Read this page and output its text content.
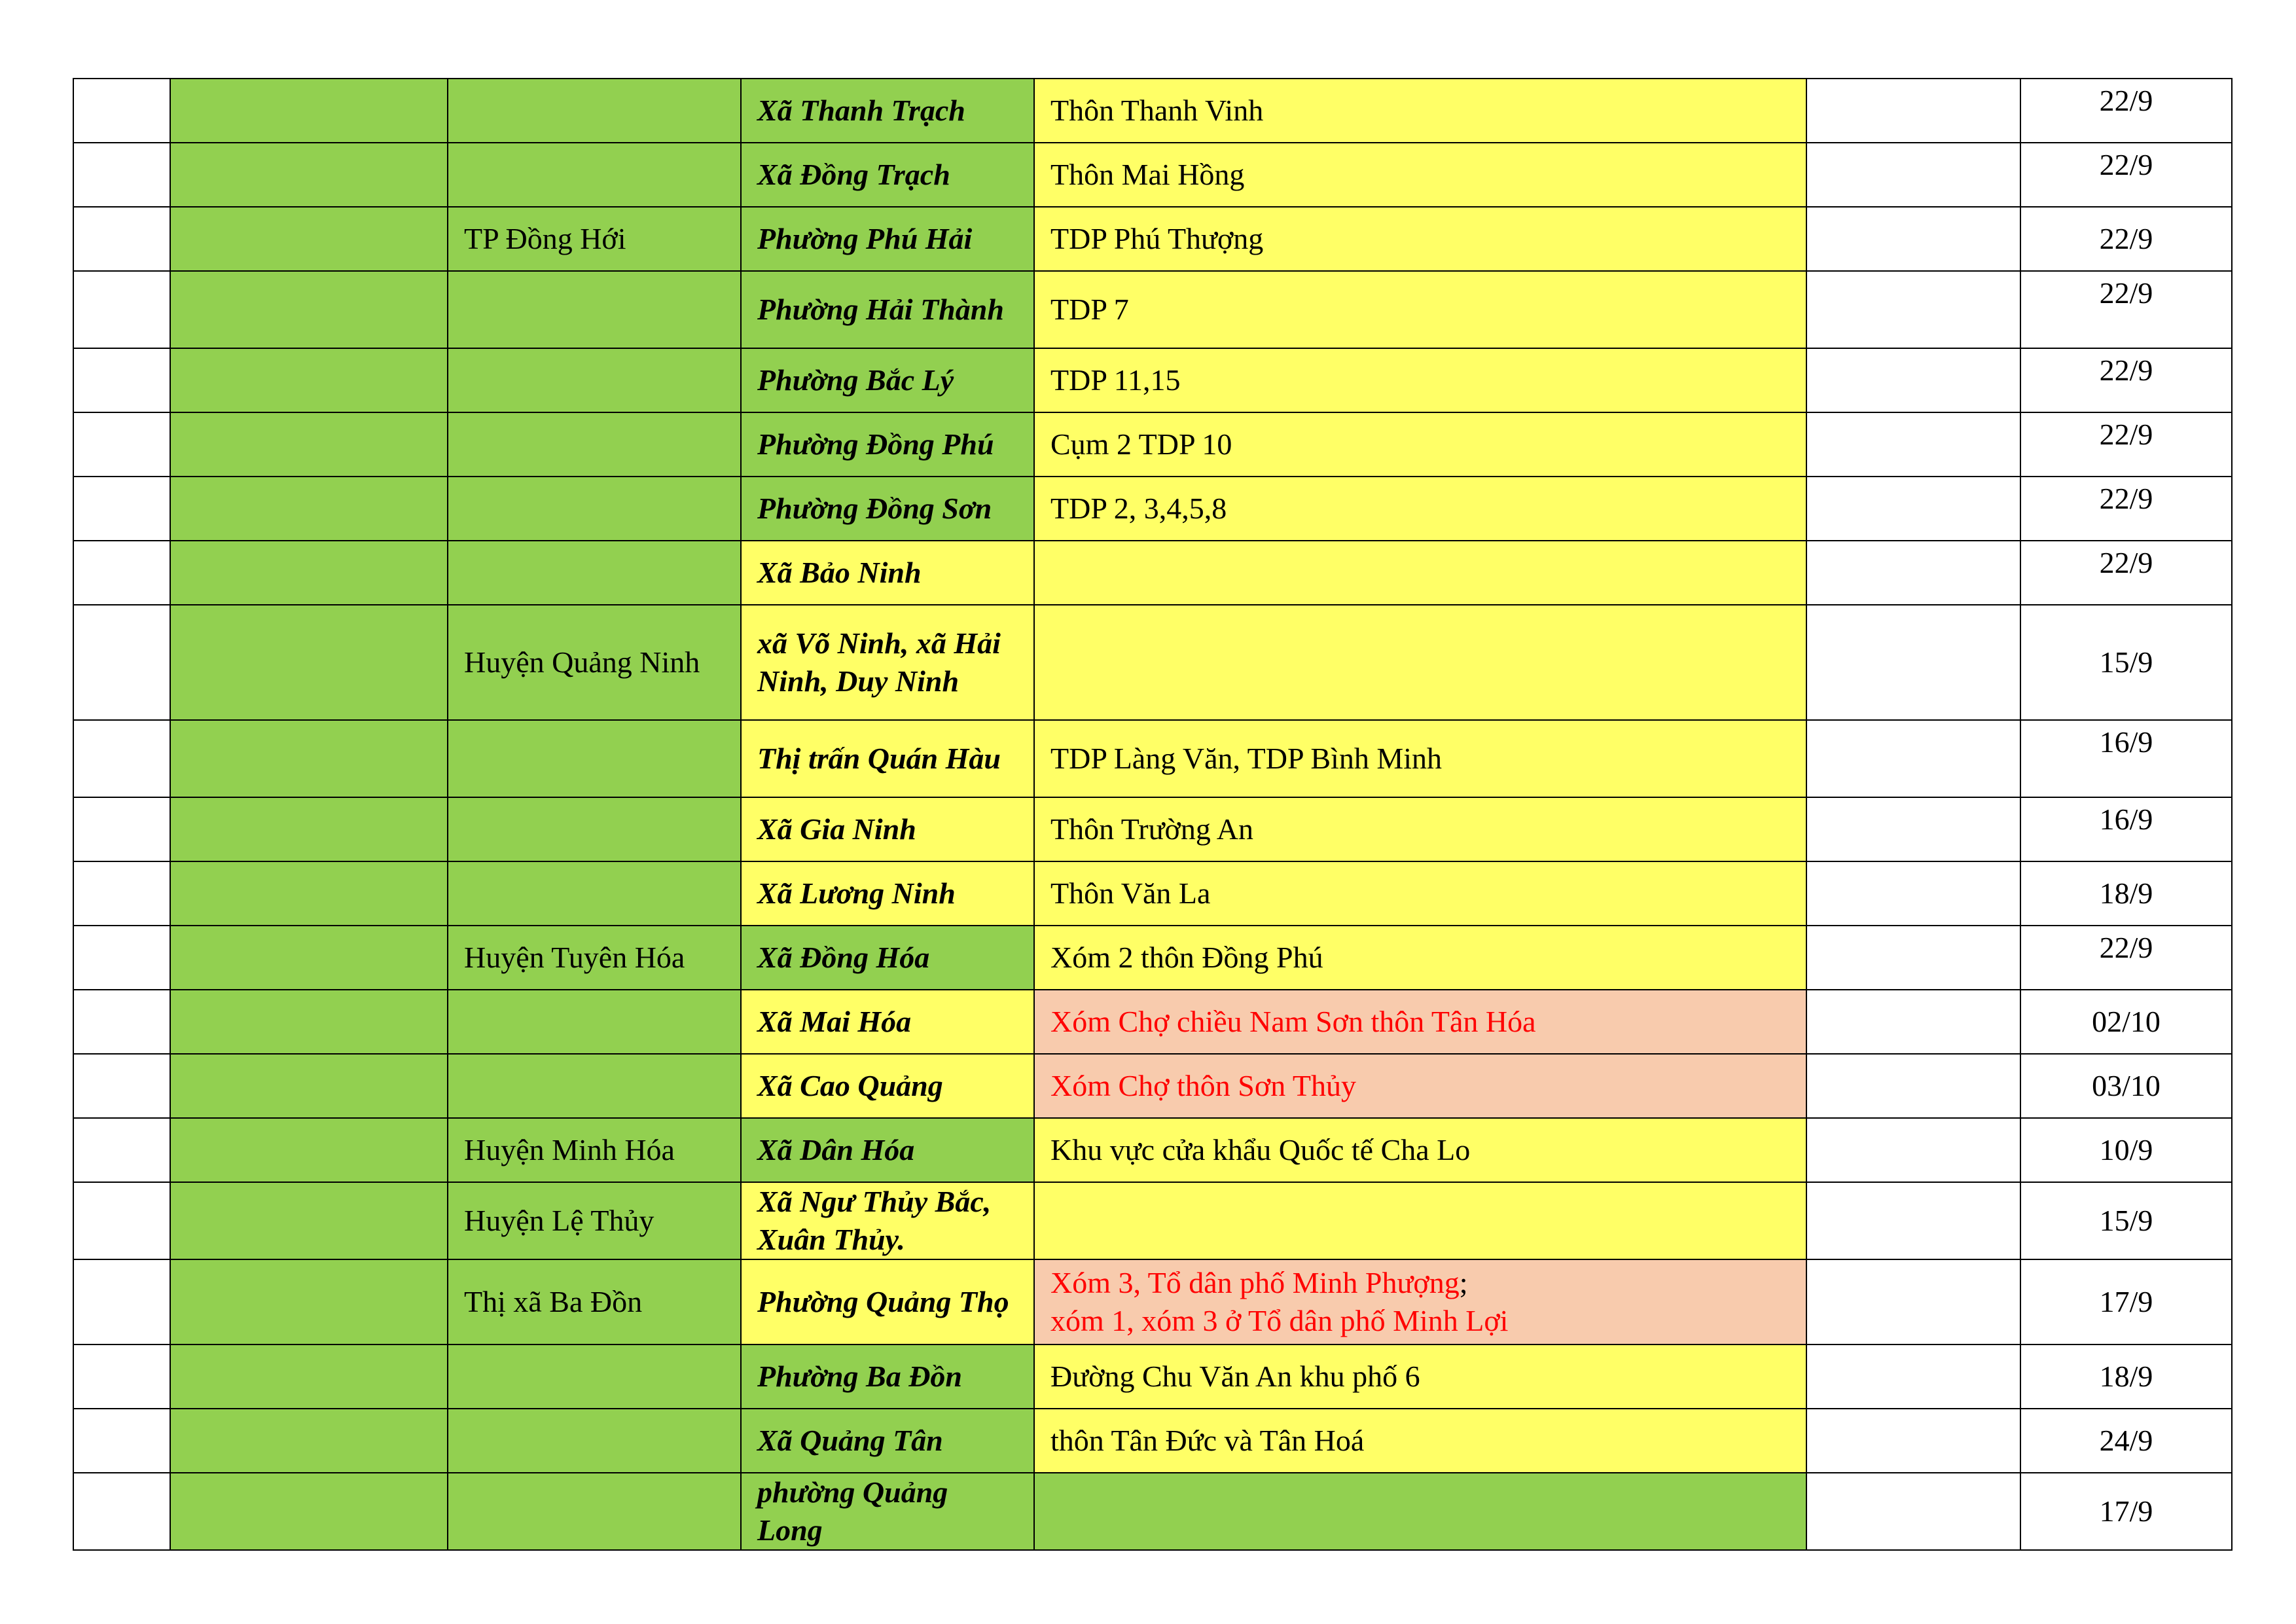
			Xã Thanh Trạch	Thôn Thanh Vinh		22/9
			Xã Đồng Trạch	Thôn Mai Hồng		22/9
		TP Đồng Hới	Phường Phú Hải	TDP Phú Thượng		22/9
			Phường Hải Thành	TDP 7		22/9
			Phường Bắc Lý	TDP 11,15		22/9
			Phường Đồng Phú	Cụm 2 TDP 10		22/9
			Phường Đồng Sơn	TDP 2, 3,4,5,8		22/9
			Xã Bảo Ninh			22/9
		Huyện Quảng Ninh	xã Võ Ninh, xã Hải Ninh, Duy Ninh			15/9
			Thị trấn Quán Hàu	TDP Làng Văn, TDP Bình Minh		16/9
			Xã Gia Ninh	Thôn Trường An		16/9
			Xã Lương Ninh	Thôn Văn La		18/9
		Huyện Tuyên Hóa	Xã Đồng Hóa	Xóm 2 thôn Đồng Phú		22/9
			Xã Mai Hóa	Xóm Chợ chiều Nam Sơn thôn Tân Hóa		02/10
			Xã Cao Quảng	Xóm Chợ thôn Sơn Thủy		03/10
		Huyện Minh Hóa	Xã Dân Hóa	Khu vực cửa khẩu Quốc tế Cha Lo		10/9
		Huyện Lệ Thủy	Xã Ngư Thủy Bắc, Xuân Thủy.			15/9
		Thị xã Ba Đồn	Phường Quảng Thọ	Xóm 3, Tổ dân phố Minh Phượng;
xóm 1, xóm 3 ở Tổ dân phố Minh Lợi		17/9
			Phường Ba Đồn	Đường Chu Văn An khu phố 6		18/9
			Xã Quảng Tân	thôn Tân Đức và Tân Hoá		24/9
			phường Quảng Long			17/9
